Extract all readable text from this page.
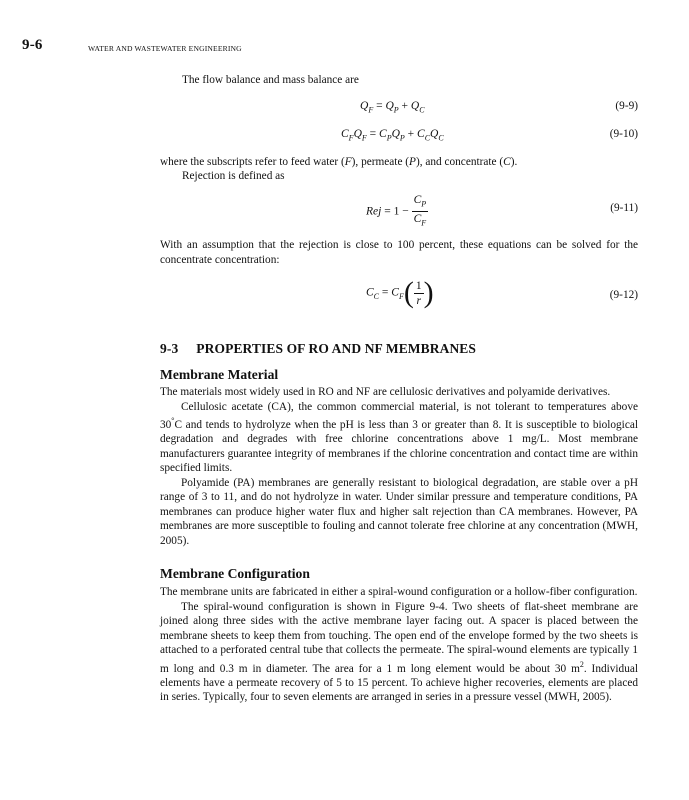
9-6	WATER AND WASTEWATER ENGINEERING
The flow balance and mass balance are
$Q_F = Q_P + Q_C$	(9-9)
$C_FQ_F = C_PQ_P + C_CQ_C$	(9-10)
where the subscripts refer to feed water (F), permeate (P), and concentrate (C).
Rejection is defined as
Rej = $1 - \frac{C_P}{C_F}$	(9-11)
With an assumption that the rejection is close to 100 percent, these equations can be solved for the concentrate concentration:
$C_C = C_F( \frac{1}{r}$ )	(9-12)
9-3 PROPERTIES OF RO AND NF MEMBRANES
Membrane Material
The materials most widely used in RO and NF are cellulosic derivatives and polyamide derivatives.
Cellulosic acetate (CA), the common commercial material, is not tolerant to temperatures above 30°C and tends to hydrolyze when the pH is less than 3 or greater than 8. It is susceptible to biological degradation and degrades with free chlorine concentrations above 1 mg/L. Most membrane manufacturers guarantee integrity of membranes if the chlorine concentration and contact time are within specified limits.
Polyamide (PA) membranes are generally resistant to biological degradation, are stable over a pH range of 3 to 11, and do not hydrolyze in water. Under similar pressure and temperature conditions, PA membranes can produce higher water flux and higher salt rejection than CA membranes. However, PA membranes are more susceptible to fouling and cannot tolerate free chlorine at any concentration (MWH, 2005).
Membrane Configuration
The membrane units are fabricated in either a spiral-wound configuration or a hollow-fiber configuration.
The spiral-wound configuration is shown in Figure 9-4. Two sheets of flat-sheet membrane are joined along three sides with the active membrane layer facing out. A spacer is placed between the membrane sheets to keep them from touching. The open end of the envelope formed by the two sheets is attached to a perforated central tube that collects the permeate. The spiral-wound elements are typically 1 m long and 0.3 m in diameter. The area for a 1 m long element would be about 30 $m^2$. Individual elements have a permeate recovery of 5 to 15 percent. To achieve higher recoveries, elements are placed in series. Typically, four to seven elements are arranged in series in a pressure vessel (MWH, 2005).
